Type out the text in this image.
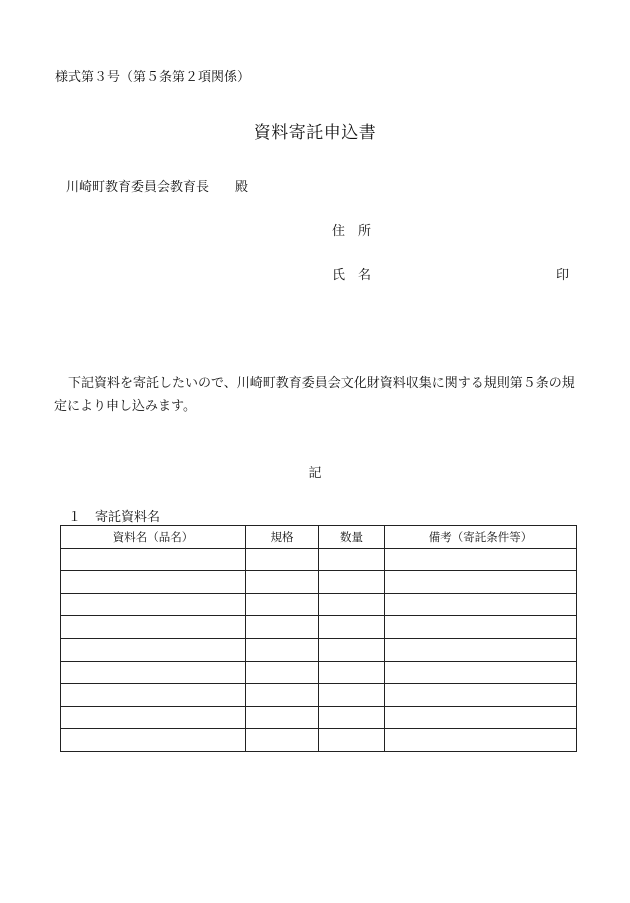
様式第３号（第５条第２項関係）
資料寄託申込書
川崎町教育委員会教育長 殿
住　所
氏　名	印
下記資料を寄託したいので、川崎町教育委員会文化財資料収集に関する規則第５条の規定により申し込みます。
記
１ 寄託資料名
資料名（品名）	規格	数量	備考（寄託条件等）
